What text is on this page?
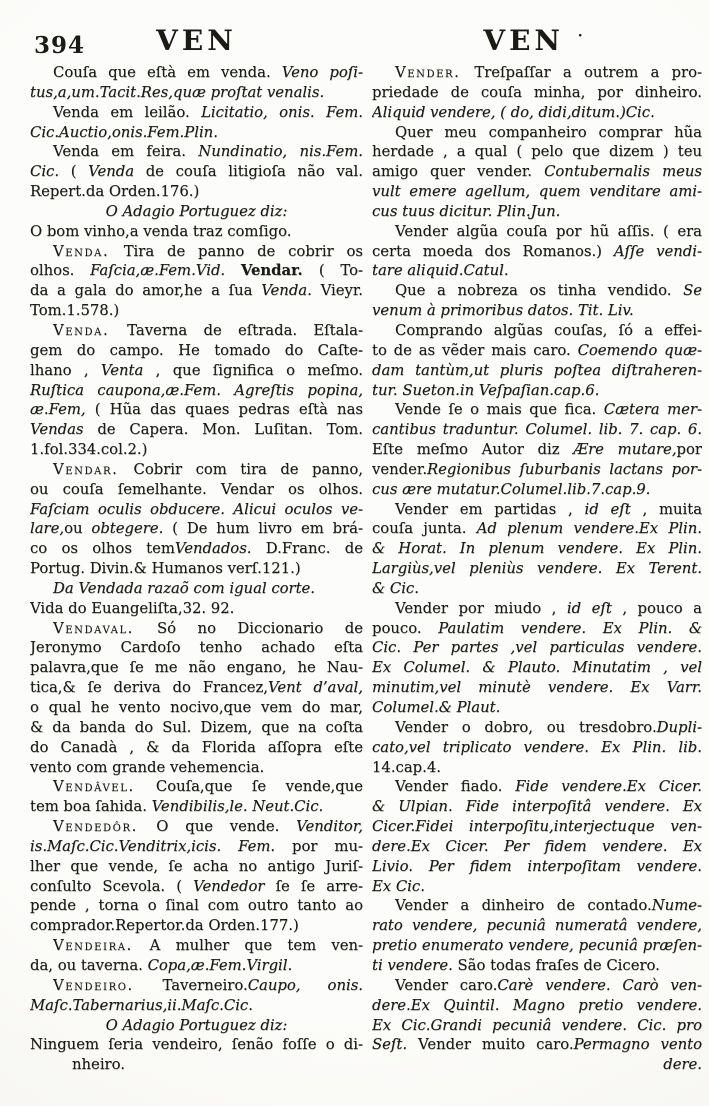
394	VEN	VEN ·
Couſa que eſtà em venda. Veno poſi-
tus,a,um.Tacit.Res,quæ proſtat venalis.
Venda em leilão. Licitatio, onis. Fem.
Cic.Auctio,onis.Fem.Plin.
Venda em feira. Nundinatio, nis.Fem.
Cic. ( Venda de couſa litigioſa não val.
Repert.da Orden.176.)
O Adagio Portuguez diz:
O bom vinho,a venda traz comſigo.
Venda. Tira de panno de cobrir os
olhos. Faſcia,æ.Fem.Vid. Vendar. ( To-
da a gala do amor,he a ſua Venda. Vieyr.
Tom.1.578.)
Venda. Taverna de eſtrada. Eſtala-
gem do campo. He tomado do Caſte-
lhano , Venta , que ſignifica o meſmo.
Ruſtica caupona,æ.Fem. Agreſtis popina,
æ.Fem, ( Hũa das quaes pedras eſtà nas
Vendas de Capera. Mon. Luſitan. Tom.
1.fol.334.col.2.)
Vendar. Cobrir com tira de panno,
ou couſa ſemelhante. Vendar os olhos.
Faſciam oculis obducere. Alicui oculos ve-
lare,ou obtegere. ( De hum livro em brá-
co os olhos temVendados. D.Franc. de
Portug. Divin.& Humanos verſ.121.)
Da Vendada razaõ com igual corte.
Vida do Euangeliſta,32. 92.
Vendaval. Só no Diccionario de
Jeronymo Cardoſo tenho achado eſta
palavra,que ſe me não engano, he Nau-
tica,& ſe deriva do Francez,Vent d’aval,
o qual he vento nocivo,que vem do mar,
& da banda do Sul. Dizem, que na coſta
do Canadà , & da Florida aſſopra eſte
vento com grande vehemencia.
Vendâvel. Couſa,que ſe vende,que
tem boa ſahida. Vendibilis,le. Neut.Cic.
Vendedôr. O que vende. Venditor,
is.Maſc.Cic.Venditrix,icis. Fem. por mu-
lher que vende, ſe acha no antigo Juriſ-
conſulto Scevola. ( Vendedor ſe ſe arre-
pende , torna o ſinal com outro tanto ao
comprador.Repertor.da Orden.177.)
Vendeira. A mulher que tem ven-
da, ou taverna. Copa,æ.Fem.Virgil.
Vendeiro. Taverneiro.Caupo, onis.
Maſc.Tabernarius,ii.Maſc.Cic.
O Adagio Portuguez diz:
Ninguem ſeria vendeiro, ſenão foſſe o di-
nheiro.
Vender. Treſpaſſar a outrem a pro-
priedade de couſa minha, por dinheiro.
Aliquid vendere, ( do, didi,ditum.)Cic.
Quer meu companheiro comprar hũa
herdade , a qual ( pelo que dizem ) teu
amigo quer vender. Contubernalis meus
vult emere agellum, quem venditare ami-
cus tuus dicitur. Plin.Jun.
Vender algũa couſa por hũ aſſis. ( era
certa moeda dos Romanos.) Aſſe vendi-
tare aliquid.Catul.
Que a nobreza os tinha vendido. Se
venum à primoribus datos. Tit. Liv.
Comprando algũas couſas, ſó a effei-
to de as vẽder mais caro. Coemendo quæ-
dam tantùm,ut pluris poſtea diſtraheren-
tur. Sueton.in Veſpaſian.cap.6.
Vende ſe o mais que fica. Cætera mer-
cantibus traduntur. Columel. lib. 7. cap. 6.
Eſte meſmo Autor diz Ære mutare,por
vender.Regionibus ſuburbanis lactans por-
cus ære mutatur.Columel.lib.7.cap.9.
Vender em partidas , id eſt , muita
couſa junta. Ad plenum vendere.Ex Plin.
& Horat. In plenum vendere. Ex Plin.
Largiùs,vel pleniùs vendere. Ex Terent.
& Cic.
Vender por miudo , id eſt , pouco a
pouco. Paulatim vendere. Ex Plin. &
Cic. Per partes ,vel particulas vendere.
Ex Columel. & Plauto. Minutatim , vel
minutim,vel minutè vendere. Ex Varr.
Columel.& Plaut.
Vender o dobro, ou tresdobro.Dupli-
cato,vel triplicato vendere. Ex Plin. lib.
14.cap.4.
Vender fiado. Fide vendere.Ex Cicer.
& Ulpian. Fide interpoſitâ vendere. Ex
Cicer.Fidei interpoſitu,interjectuque ven-
dere.Ex Cicer. Per fidem vendere. Ex
Livio. Per fidem interpoſitam vendere.
Ex Cic.
Vender a dinheiro de contado.Nume-
rato vendere, pecuniâ numeratâ vendere,
pretio enumerato vendere, pecuniâ præſen-
ti vendere. São todas fraſes de Cicero.
Vender caro.Carè vendere. Carò ven-
dere.Ex Quintil. Magno pretio vendere.
Ex Cic.Grandi pecuniâ vendere. Cic. pro
Seſt. Vender muito caro.Permagno vento
dere.
